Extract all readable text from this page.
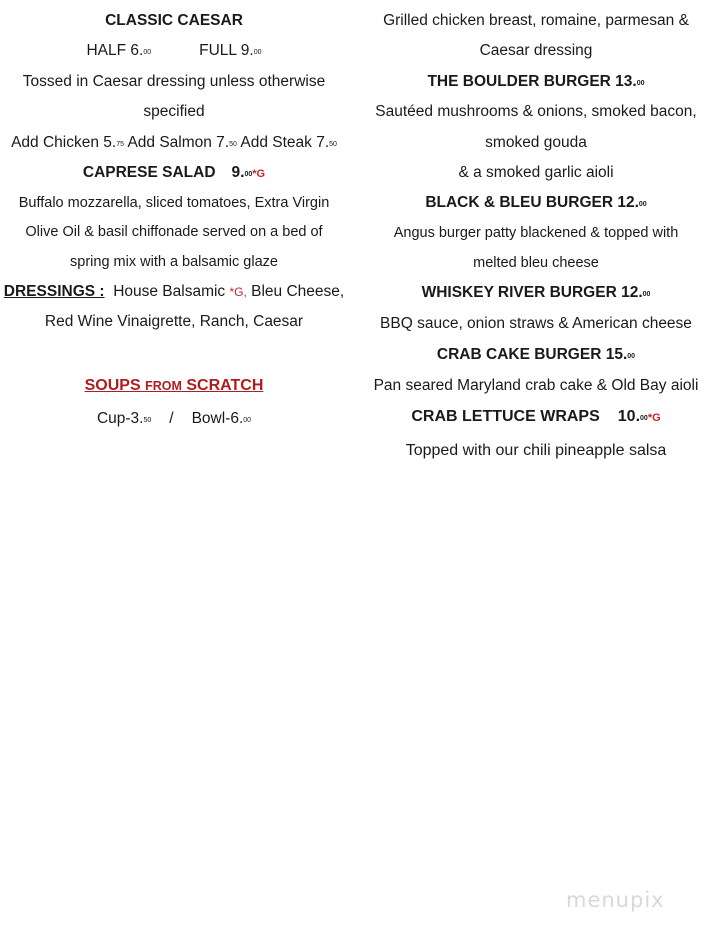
CLASSIC CAESAR
HALF 6.00	FULL 9.00
Tossed in Caesar dressing unless otherwise
specified
Add Chicken 5.75 Add Salmon 7.50 Add Steak 7.50
CAPRESE SALAD 9.00*G
Buffalo mozzarella, sliced tomatoes, Extra Virgin
Olive Oil & basil chiffonade served on a bed of
spring mix with a balsamic glaze
DRESSINGS : House Balsamic *G, Bleu Cheese,
Red Wine Vinaigrette, Ranch, Caesar
SOUPS FROM SCRATCH
Cup-3.50 / Bowl-6.00
Grilled chicken breast, romaine, parmesan &
Caesar dressing
THE BOULDER BURGER 13.00
Sautéed mushrooms & onions, smoked bacon,
smoked gouda
& a smoked garlic aioli
BLACK & BLEU BURGER 12.00
Angus burger patty blackened & topped with
melted bleu cheese
WHISKEY RIVER BURGER 12.00
BBQ sauce, onion straws & American cheese
CRAB CAKE BURGER 15.00
Pan seared Maryland crab cake & Old Bay aioli
CRAB LETTUCE WRAPS 10.00*G
Topped with our chili pineapple salsa
menupix
